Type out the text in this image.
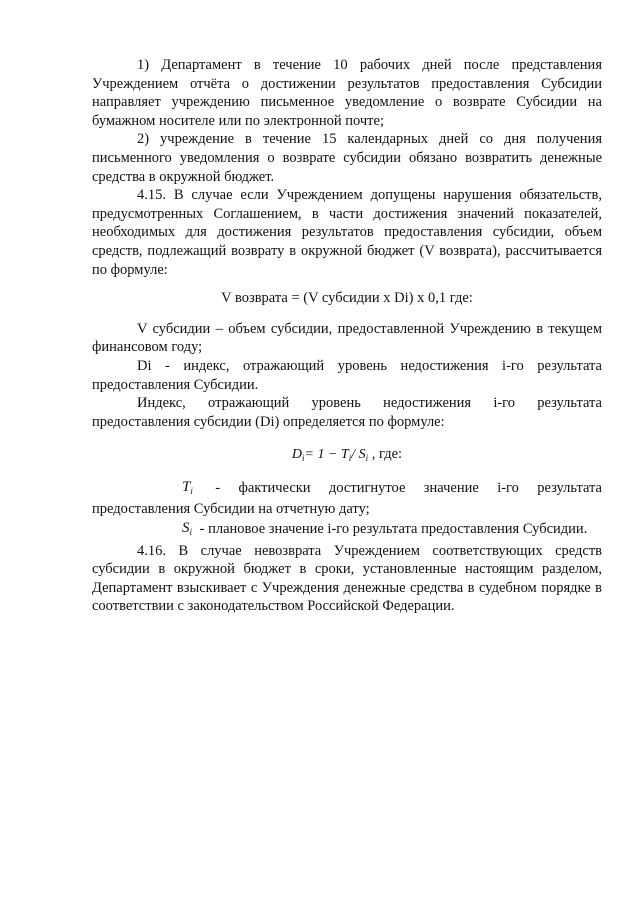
1) Департамент в течение 10 рабочих дней после представления Учреждением отчёта о достижении результатов предоставления Субсидии направляет учреждению письменное уведомление о возврате Субсидии на бумажном носителе или по электронной почте;

2) учреждение в течение 15 календарных дней со дня получения письменного уведомления о возврате субсидии обязано возвратить денежные средства в окружной бюджет.

4.15. В случае если Учреждением допущены нарушения обязательств, предусмотренных Соглашением, в части достижения значений показателей, необходимых для достижения результатов предоставления субсидии, объем средств, подлежащий возврату в окружной бюджет (V возврата), рассчитывается по формуле:

V возврата = (V субсидии x Di) x 0,1 где:

V субсидии – объем субсидии, предоставленной Учреждению в текущем финансовом году;

Di - индекс, отражающий уровень недостижения i-го результата предоставления Субсидии.

Индекс, отражающий уровень недостижения i-го результата предоставления субсидии (Di) определяется по формуле:

$D_i= 1 - T_i/$ $S_i$ , где:

$T_i$ - фактически достигнутое значение i-го результата предоставления Субсидии на отчетную дату;

$S_i$ - плановое значение i-го результата предоставления Субсидии.

4.16. В случае невозврата Учреждением соответствующих средств субсидии в окружной бюджет в сроки, установленные настоящим разделом, Департамент взыскивает с Учреждения денежные средства в судебном порядке в соответствии с законодательством Российской Федерации.
